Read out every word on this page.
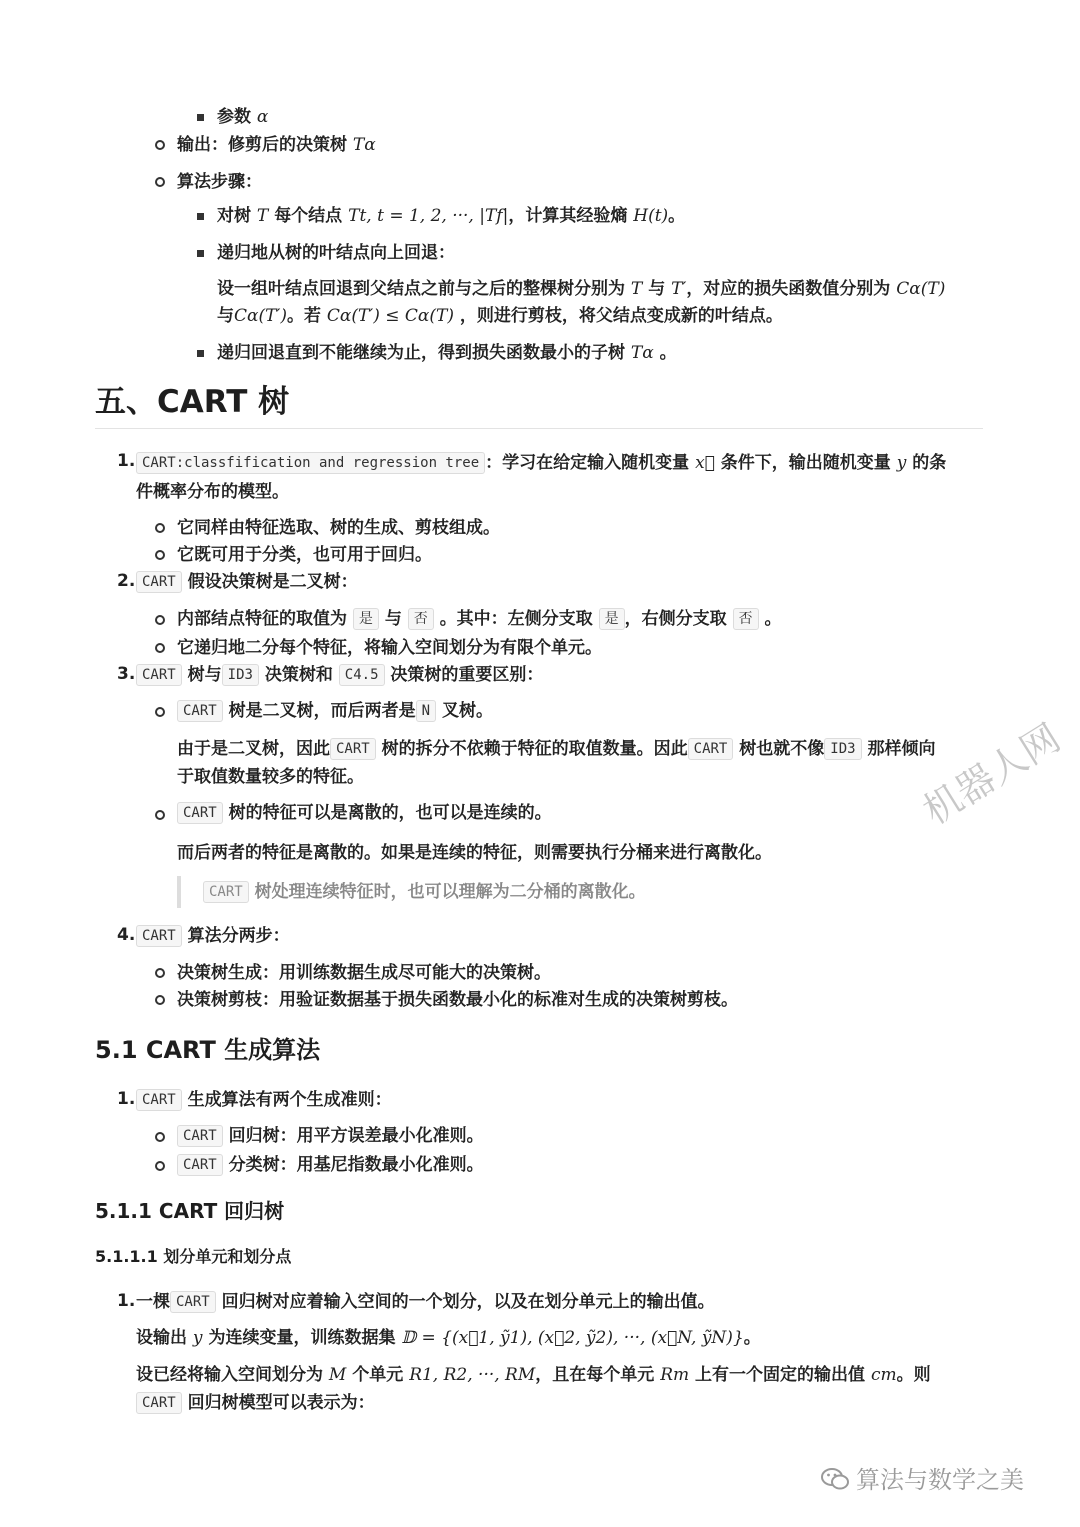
参数 α
输出：修剪后的决策树 Tα
算法步骤：
对树 T 每个结点 Tt, t = 1, 2, ···, |Tf|，计算其经验熵 H(t)。
递归地从树的叶结点向上回退：
设一组叶结点回退到父结点之前与之后的整棵树分别为 T 与 T′，对应的损失函数值分别为 Cα(T)
与Cα(T′)。若 Cα(T′) ≤ Cα(T) ，则进行剪枝，将父结点变成新的叶结点。
递归回退直到不能继续为止，得到损失函数最小的子树 Tα 。
五、CART 树
1. CART:classfification and regression tree ：学习在给定输入随机变量 x⃗ 条件下，输出随机变量 y 的条
件概率分布的模型。
它同样由特征选取、树的生成、剪枝组成。
它既可用于分类，也可用于回归。
2. CART 假设决策树是二叉树：
内部结点特征的取值为 是 与 否 。其中：左侧分支取 是 ，右侧分支取 否 。
它递归地二分每个特征，将输入空间划分为有限个单元。
3. CART 树与 ID3 决策树和 C4.5 决策树的重要区别：
CART 树是二叉树，而后两者是 N 叉树。
由于是二叉树，因此 CART 树的拆分不依赖于特征的取值数量。因此 CART 树也就不像 ID3 那样倾向
于取值数量较多的特征。
CART 树的特征可以是离散的，也可以是连续的。
而后两者的特征是离散的。如果是连续的特征，则需要执行分桶来进行离散化。
CART 树处理连续特征时，也可以理解为二分桶的离散化。
4. CART 算法分两步：
决策树生成：用训练数据生成尽可能大的决策树。
决策树剪枝：用验证数据基于损失函数最小化的标准对生成的决策树剪枝。
5.1 CART 生成算法
1. CART 生成算法有两个生成准则：
CART 回归树：用平方误差最小化准则。
CART 分类树：用基尼指数最小化准则。
5.1.1 CART 回归树
5.1.1.1 划分单元和划分点
1. 一棵 CART 回归树对应着输入空间的一个划分，以及在划分单元上的输出值。
设输出 y 为连续变量，训练数据集 𝔻 = {(x⃗1, ỹ1), (x⃗2, ỹ2), ···, (x⃗N, ỹN)}。
设已经将输入空间划分为 M 个单元 R1, R2, ···, RM，且在每个单元 Rm 上有一个固定的输出值 cm。则
CART 回归树模型可以表示为：
机器人网
算法与数学之美
